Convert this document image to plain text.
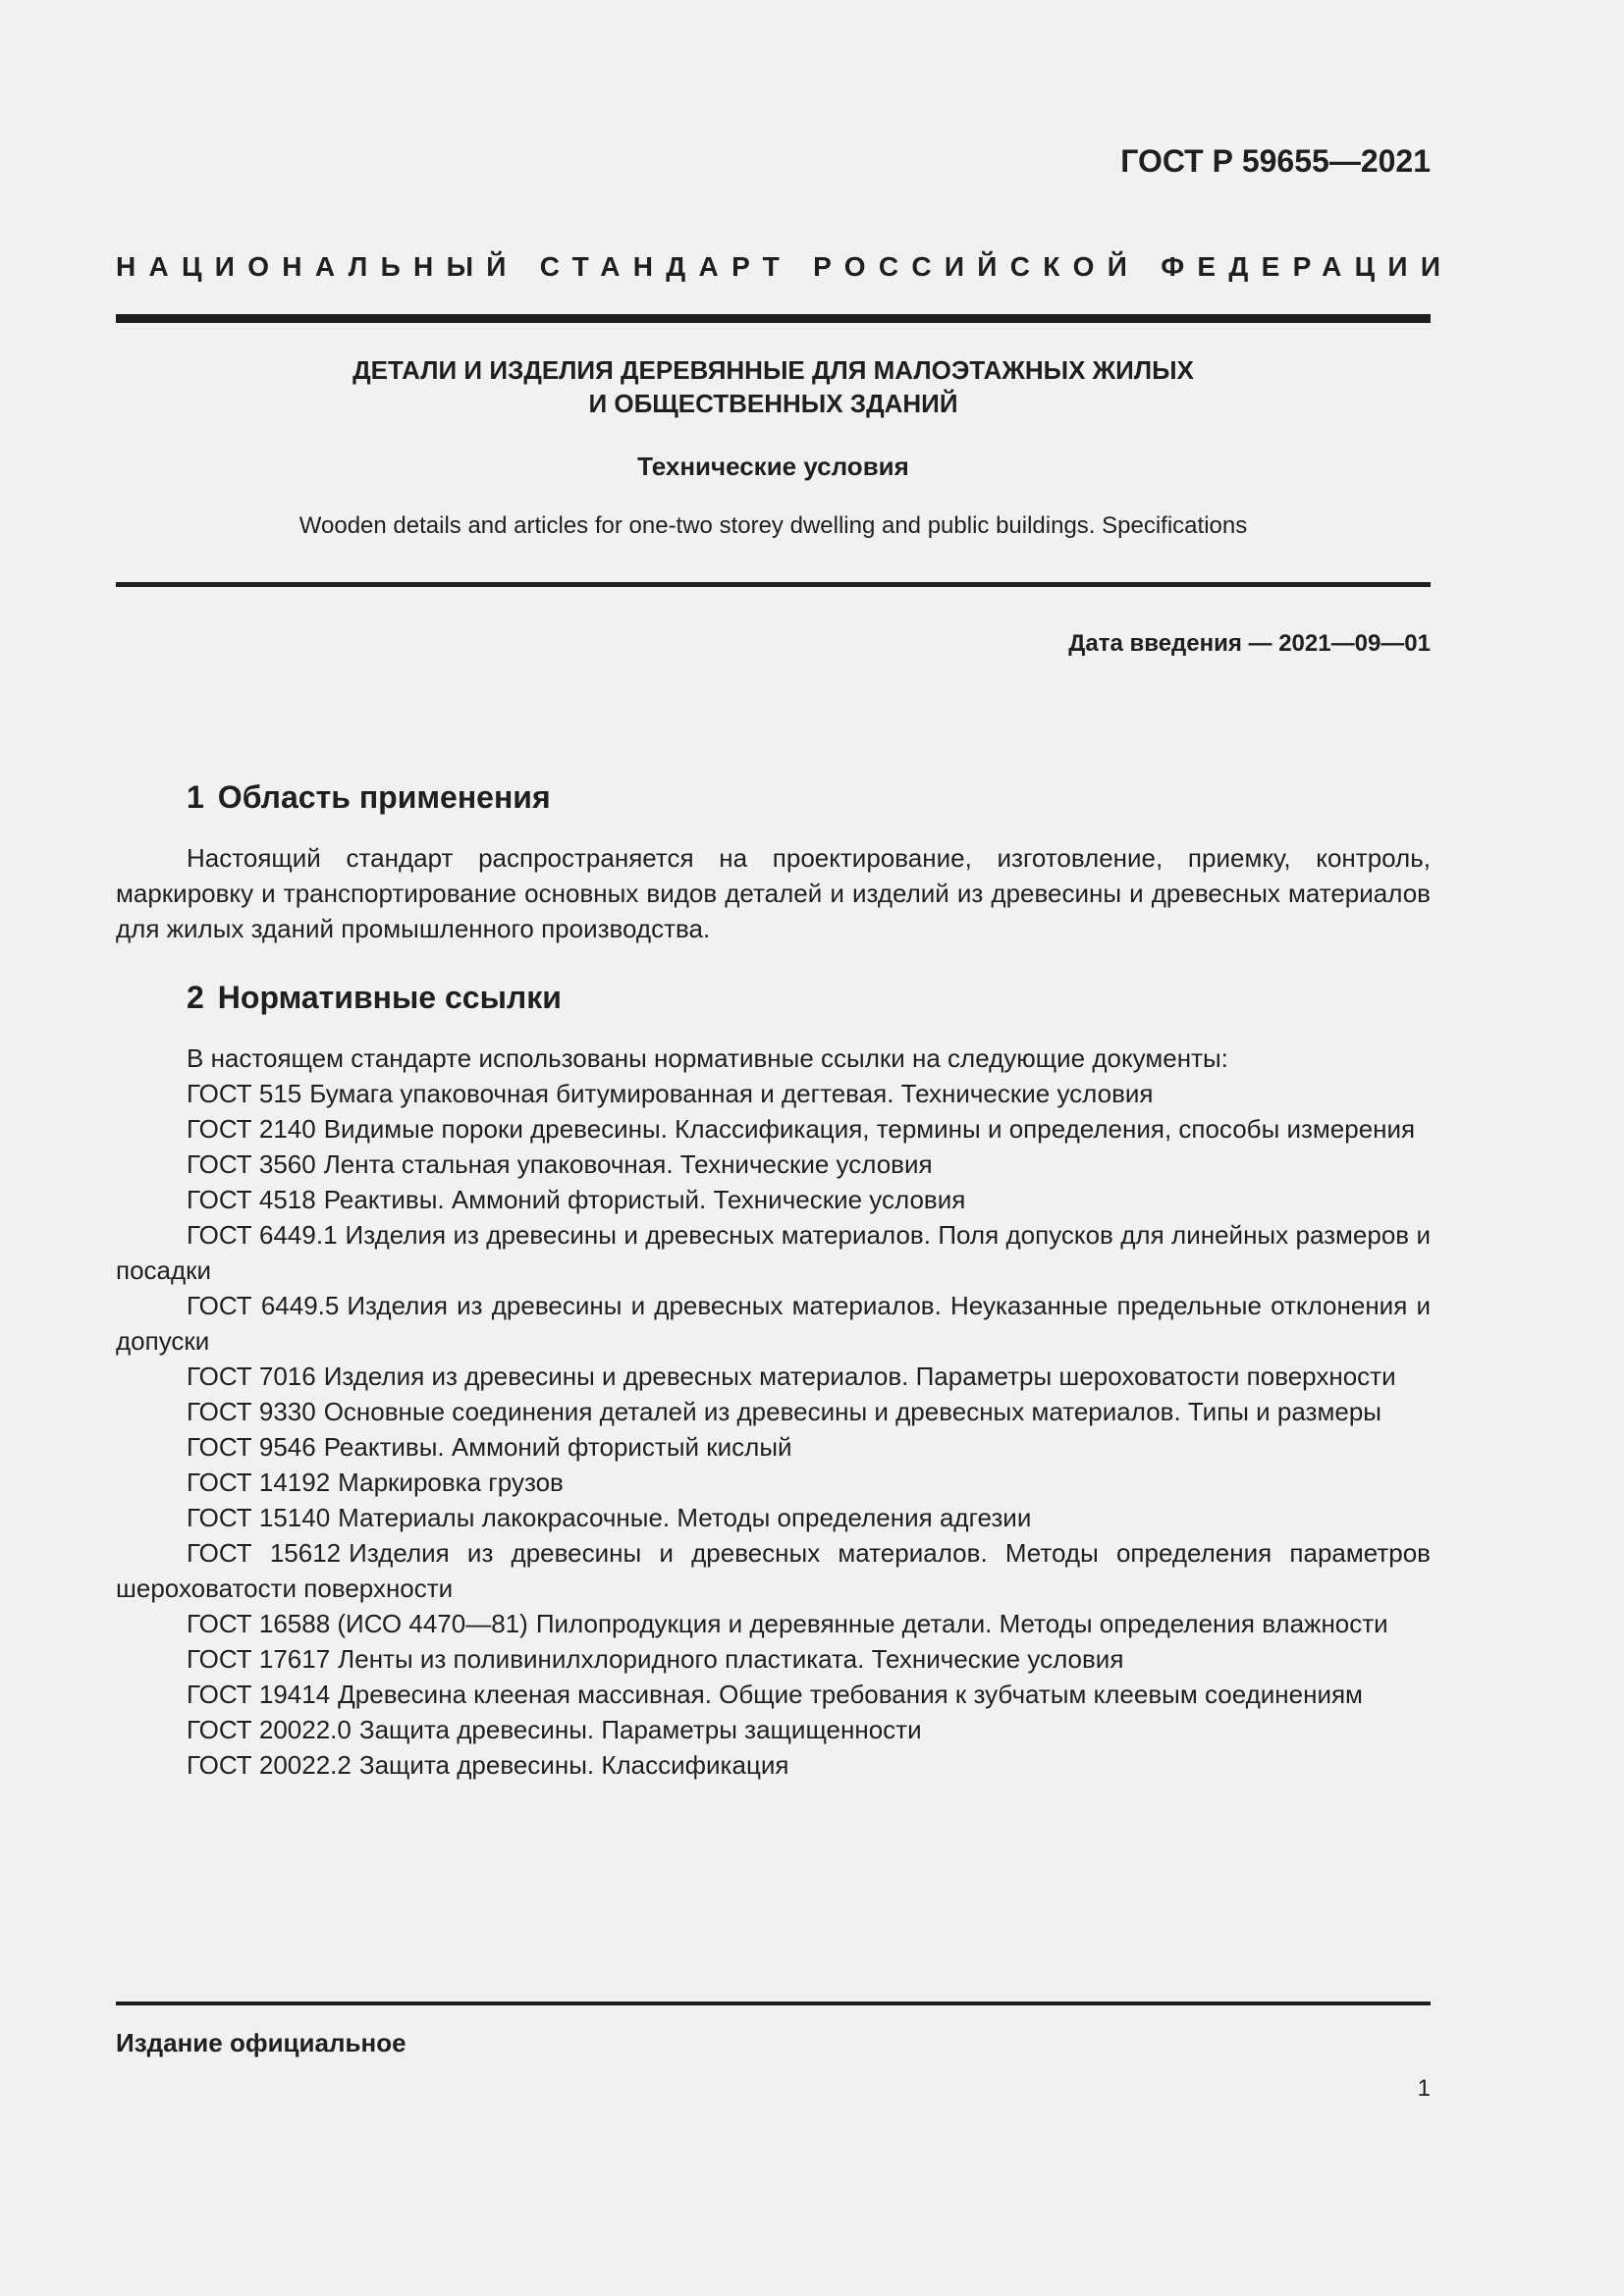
ГОСТ Р 59655—2021
НАЦИОНАЛЬНЫЙ СТАНДАРТ РОССИЙСКОЙ ФЕДЕРАЦИИ
ДЕТАЛИ И ИЗДЕЛИЯ ДЕРЕВЯННЫЕ ДЛЯ МАЛОЭТАЖНЫХ ЖИЛЫХ
И ОБЩЕСТВЕННЫХ ЗДАНИЙ
Технические условия
Wooden details and articles for one-two storey dwelling and public buildings. Specifications
Дата введения — 2021—09—01
1 Область применения

Настоящий стандарт распространяется на проектирование, изготовление, приемку, контроль, маркировку и транспортирование основных видов деталей и изделий из древесины и древесных материалов для жилых зданий промышленного производства.

2 Нормативные ссылки

В настоящем стандарте использованы нормативные ссылки на следующие документы:

ГОСТ 515 Бумага упаковочная битумированная и дегтевая. Технические условия
ГОСТ 2140 Видимые пороки древесины. Классификация, термины и определения, способы измерения
ГОСТ 3560 Лента стальная упаковочная. Технические условия
ГОСТ 4518 Реактивы. Аммоний фтористый. Технические условия
ГОСТ 6449.1 Изделия из древесины и древесных материалов. Поля допусков для линейных размеров и посадки
ГОСТ 6449.5 Изделия из древесины и древесных материалов. Неуказанные предельные отклонения и допуски
ГОСТ 7016 Изделия из древесины и древесных материалов. Параметры шероховатости поверхности
ГОСТ 9330 Основные соединения деталей из древесины и древесных материалов. Типы и размеры
ГОСТ 9546 Реактивы. Аммоний фтористый кислый
ГОСТ 14192 Маркировка грузов
ГОСТ 15140 Материалы лакокрасочные. Методы определения адгезии
ГОСТ 15612 Изделия из древесины и древесных материалов. Методы определения параметров шероховатости поверхности
ГОСТ 16588 (ИСО 4470—81) Пилопродукция и деревянные детали. Методы определения влажности
ГОСТ 17617 Ленты из поливинилхлоридного пластиката. Технические условия
ГОСТ 19414 Древесина клееная массивная. Общие требования к зубчатым клеевым соединениям
ГОСТ 20022.0 Защита древесины. Параметры защищенности
ГОСТ 20022.2 Защита древесины. Классификация
Издание официальное
1
